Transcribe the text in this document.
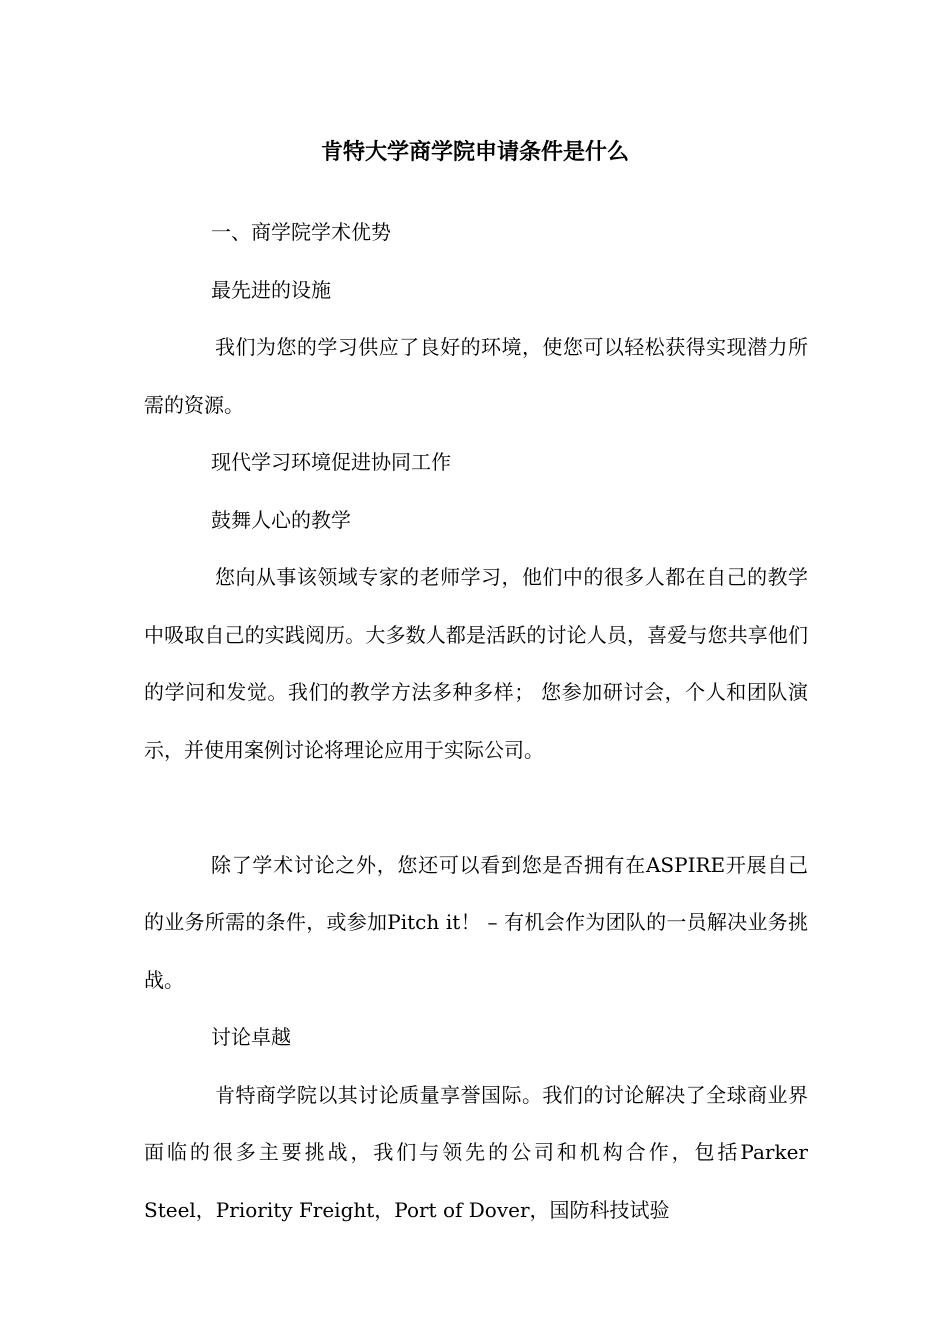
肯特大学商学院申请条件是什么

一、商学院学术优势

最先进的设施

我们为您的学习供应了良好的环境，使您可以轻松获得实现潜力所需的资源。

现代学习环境促进协同工作

鼓舞人心的教学

您向从事该领域专家的老师学习，他们中的很多人都在自己的教学中吸取自己的实践阅历。大多数人都是活跃的讨论人员，喜爱与您共享他们的学问和发觉。我们的教学方法多种多样； 您参加研讨会，个人和团队演示，并使用案例讨论将理论应用于实际公司。

除了学术讨论之外，您还可以看到您是否拥有在ASPIRE开展自己的业务所需的条件，或参加Pitch it！ – 有机会作为团队的一员解决业务挑战。

讨论卓越

肯特商学院以其讨论质量享誉国际。我们的讨论解决了全球商业界面临的很多主要挑战，我们与领先的公司和机构合作，包括Parker Steel，Priority Freight，Port of Dover，国防科技试验
